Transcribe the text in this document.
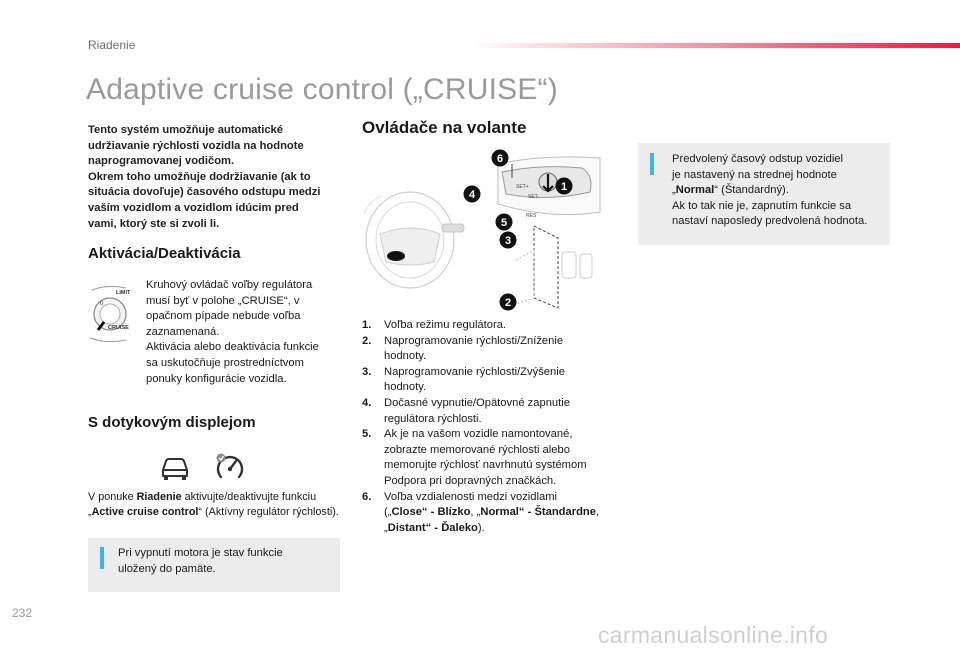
Riadenie
Adaptive cruise control („CRUISE“)
Tento systém umožňuje automatické
udržiavanie rýchlosti vozidla na hodnote
naprogramovanej vodičom.
Okrem toho umožňuje dodržiavanie (ak to
situácia dovoľuje) časového odstupu medzi
vaším vozidlom a vozidlom idúcim pred
vami, ktorý ste si zvoli li.
Aktivácia/Deaktivácia
LIMIT
0
CRUISE
Kruhový ovládač voľby regulátora
musí byť v polohe „CRUISE“, v
opačnom pípade nebude voľba
zaznamenaná.
Aktivácia alebo deaktivácia funkcie
sa uskutočňuje prostredníctvom
ponuky konfigurácie vozidla.
S dotykovým displejom
V ponuke Riadenie aktivujte/deaktivujte funkciu
„Active cruise control“ (Aktívny regulátor rýchlosti).
Pri vypnutí motora je stav funkcie
uložený do pamäte.
Ovládače na volante
SET+
SET-
RES
6
4
1
5
3
2
Predvolený časový odstup vozidiel
je nastavený na strednej hodnote
„Normal“ (Štandardný).
Ak to tak nie je, zapnutím funkcie sa
nastaví naposledy predvolená hodnota.
1. Voľba režimu regulátora.
2. Naprogramovanie rýchlosti/Zníženie
hodnoty.
3. Naprogramovanie rýchlosti/Zvýšenie
hodnoty.
4. Dočasné vypnutie/Opätovné zapnutie
regulátora rýchlosti.
5. Ak je na vašom vozidle namontované,
zobrazte memorované rýchlosti alebo
memorujte rýchlosť navrhnutú systémom
Podpora pri dopravných značkách.
6. Voľba vzdialenosti medzi vozidlami
(„Close“ - Blízko, „Normal“ - Štandardne,
„Distant“ - Ďaleko).
232
carmanualsonline.info
